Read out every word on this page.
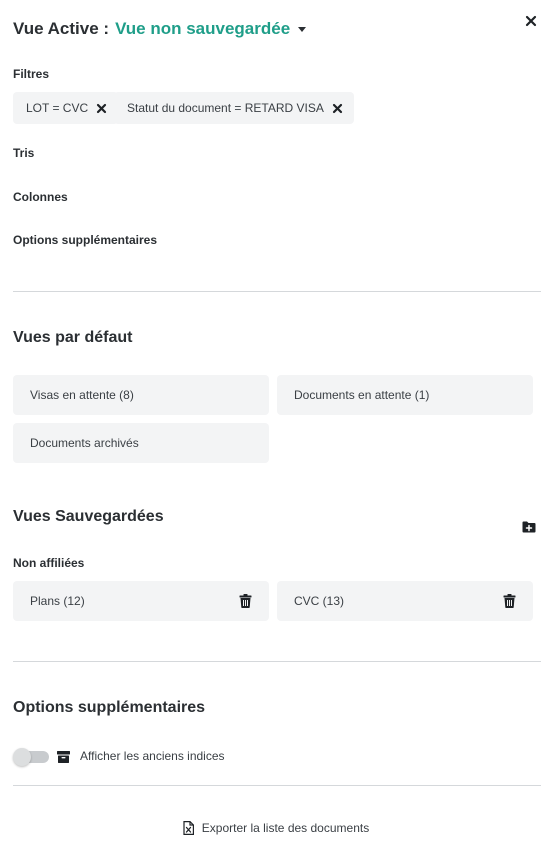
Vue Active : Vue non sauvegardée
Filtres
LOT = CVC	Statut du document = RETARD VISA
Tris
Colonnes
Options supplémentaires
Vues par défaut
Visas en attente (8)	Documents en attente (1)
Documents archivés
Vues Sauvegardées
Non affiliées
Plans (12)	CVC (13)
Options supplémentaires
Afficher les anciens indices
Exporter la liste des documents
